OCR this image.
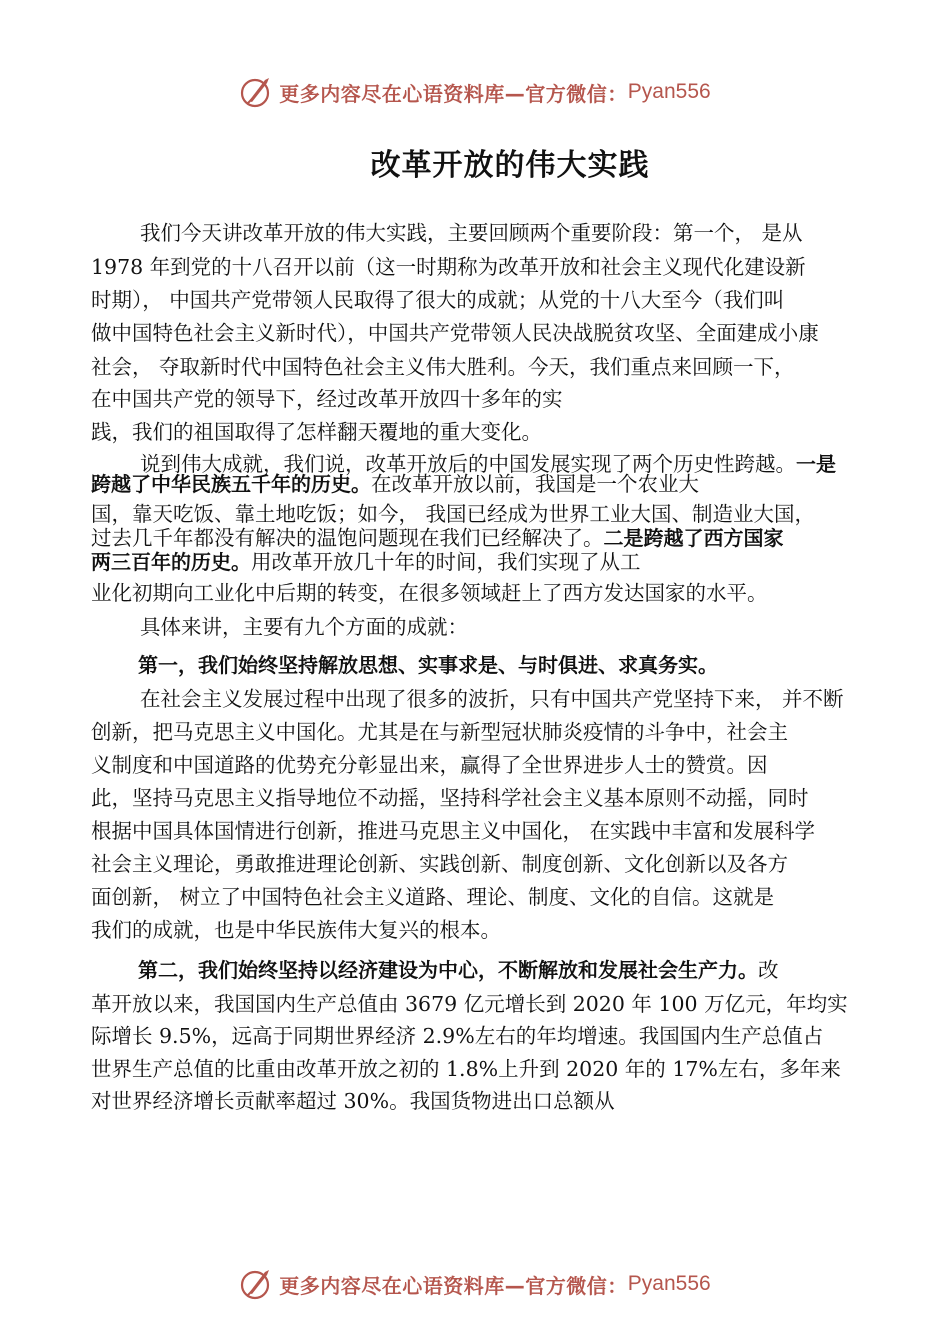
更多内容尽在心语资料库—官方微信： Pyan556
改革开放的伟大实践
我们今天讲改革开放的伟大实践，主要回顾两个重要阶段：第一个， 是从
1978 年到党的十八召开以前（这一时期称为改革开放和社会主义现代化建设新
时期）， 中国共产党带领人民取得了很大的成就；从党的十八大至今（我们叫
做中国特色社会主义新时代），中国共产党带领人民决战脱贫攻坚、全面建成小康
社会， 夺取新时代中国特色社会主义伟大胜利。今天，我们重点来回顾一下，
在中国共产党的领导下，经过改革开放四十多年的实
践，我们的祖国取得了怎样翻天覆地的重大变化。
说到伟大成就，我们说，改革开放后的中国发展实现了两个历史性跨越。一是
跨越了中华民族五千年的历史。在改革开放以前，我国是一个农业大
国，靠天吃饭、靠土地吃饭；如今， 我国已经成为世界工业大国、制造业大国，
过去几千年都没有解决的温饱问题现在我们已经解决了。二是跨越了西方国家
两三百年的历史。用改革开放几十年的时间，我们实现了从工
业化初期向工业化中后期的转变，在很多领域赶上了西方发达国家的水平。
具体来讲，主要有九个方面的成就：
第一，我们始终坚持解放思想、实事求是、与时俱进、求真务实。
在社会主义发展过程中出现了很多的波折，只有中国共产党坚持下来， 并不断
创新，把马克思主义中国化。尤其是在与新型冠状肺炎疫情的斗争中，社会主
义制度和中国道路的优势充分彰显出来，赢得了全世界进步人士的赞赏。因
此，坚持马克思主义指导地位不动摇，坚持科学社会主义基本原则不动摇，同时
根据中国具体国情进行创新，推进马克思主义中国化， 在实践中丰富和发展科学
社会主义理论，勇敢推进理论创新、实践创新、制度创新、文化创新以及各方
面创新， 树立了中国特色社会主义道路、理论、制度、文化的自信。这就是
我们的成就，也是中华民族伟大复兴的根本。
第二，我们始终坚持以经济建设为中心，不断解放和发展社会生产力。改
革开放以来，我国国内生产总值由 3679 亿元增长到 2020 年 100 万亿元，年均实
际增长 9.5%，远高于同期世界经济 2.9%左右的年均增速。我国国内生产总值占
世界生产总值的比重由改革开放之初的 1.8%上升到 2020 年的 17%左右，多年来
对世界经济增长贡献率超过 30%。我国货物进出口总额从
更多内容尽在心语资料库—官方微信： Pyan556
